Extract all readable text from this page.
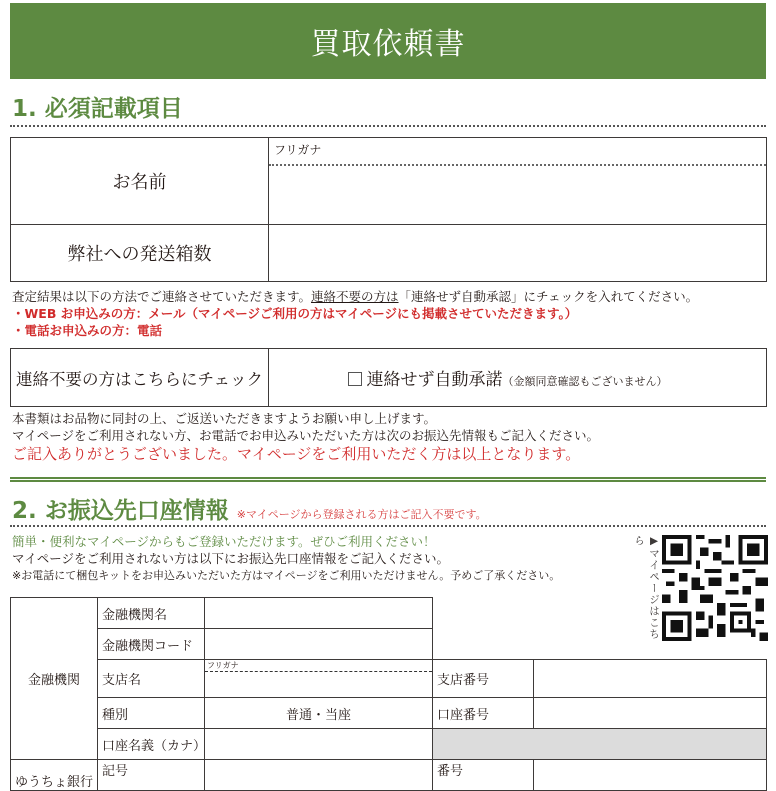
買取依頼書
1. 必須記載項目
お名前	フリガナ

弊社への発送箱数	
査定結果は以下の方法でご連絡させていただきます。連絡不要の方は「連絡せず自動承認」にチェックを入れてください。
・WEB お申込みの方：メール（マイページご利用の方はマイページにも掲載させていただきます。）
・電話お申込みの方：電話
連絡不要の方はこちらにチェック	連絡せず自動承諾（金額同意確認もございません）
本書類はお品物に同封の上、ご返送いただきますようお願い申し上げます。
マイページをご利用されない方、お電話でお申込みいただいた方は次のお振込先情報もご記入ください。
ご記入ありがとうございました。マイページをご利用いただく方は以上となります。
2. お振込先口座情報 ※マイページから登録される方はご記入不要です。
簡単・便利なマイページからもご登録いただけます。ぜひご利用ください！
マイページをご利用されない方は以下にお振込先口座情報をご記入ください。
※お電話にて梱包キットをお申込みいただいた方はマイページをご利用いただけません。予めご了承ください。	▶マイページはこちら
金融機関	金融機関名			
	金融機関コード			
	支店名	フリガナ	支店番号	
	種別	普通・当座	口座番号	
	口座名義（カナ）			
ゆうちょ銀行	記号		番号	
